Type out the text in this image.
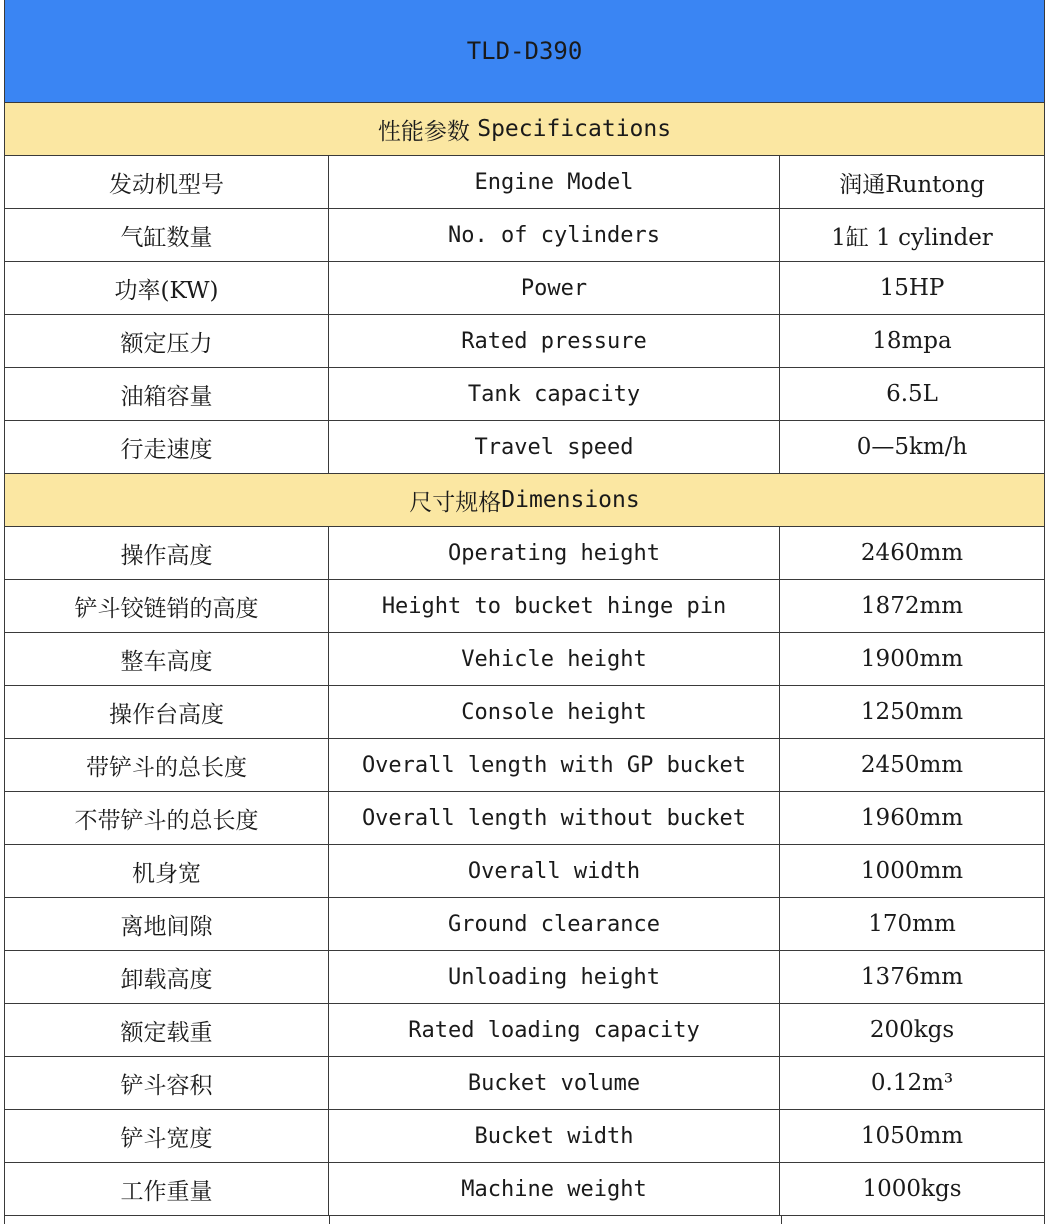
TLD-D390
性能参数 Specifications
发动机型号	Engine Model	润通Runtong
气缸数量	No. of cylinders	1缸 1 cylinder
功率(KW)	Power	15HP
额定压力	Rated pressure	18mpa
油箱容量	Tank capacity	6.5L
行走速度	Travel speed	0—5km/h
尺寸规格 Dimensions
操作高度	Operating height	2460mm
铲斗铰链销的高度	Height to bucket hinge pin	1872mm
整车高度	Vehicle height	1900mm
操作台高度	Console height	1250mm
带铲斗的总长度	Overall length with GP bucket	2450mm
不带铲斗的总长度	Overall length without bucket	1960mm
机身宽	Overall width	1000mm
离地间隙	Ground clearance	170mm
卸载高度	Unloading height	1376mm
额定载重	Rated loading capacity	200kgs
铲斗容积	Bucket volume	0.12m³
铲斗宽度	Bucket width	1050mm
工作重量	Machine weight	1000kgs
